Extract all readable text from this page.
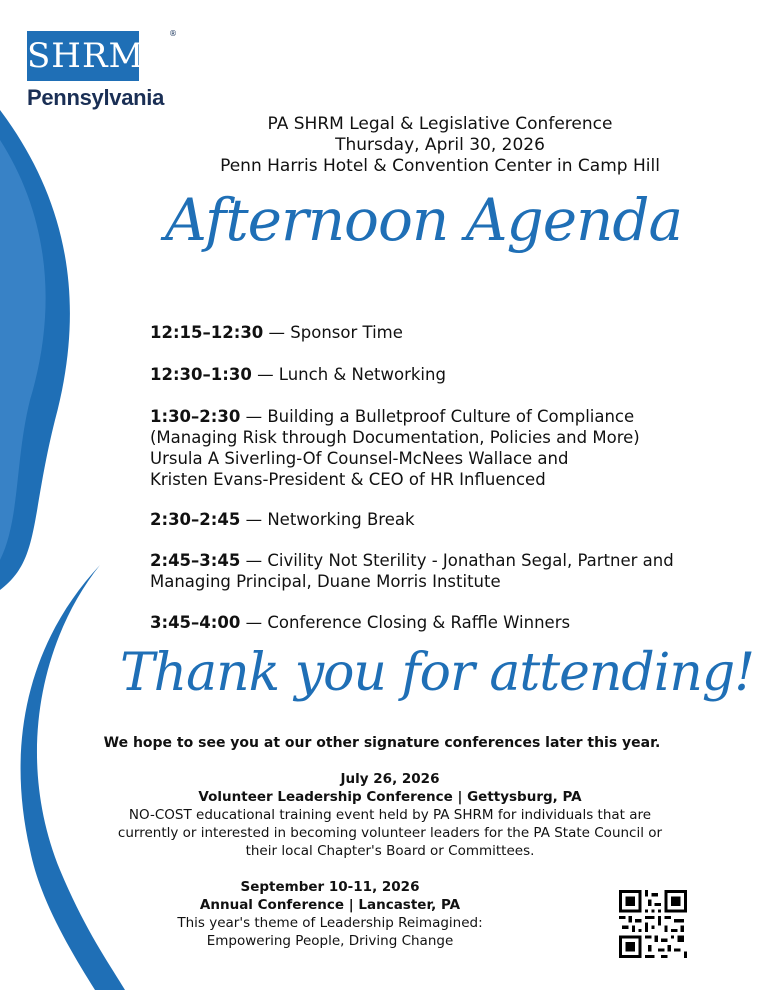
SHRM
®
Pennsylvania
PA SHRM Legal & Legislative Conference
Thursday, April 30, 2026
Penn Harris Hotel & Convention Center in Camp Hill
Afternoon Agenda
12:15–12:30 — Sponsor Time
12:30–1:30 — Lunch & Networking
1:30–2:30 — Building a Bulletproof Culture of Compliance
(Managing Risk through Documentation, Policies and More)
Ursula A Siverling-Of Counsel-McNees Wallace and
Kristen Evans-President & CEO of HR Influenced
2:30–2:45 — Networking Break
2:45–3:45 — Civility Not Sterility - Jonathan Segal, Partner and
Managing Principal, Duane Morris Institute
3:45–4:00 — Conference Closing & Raffle Winners
Thank you for attending!
We hope to see you at our other signature conferences later this year.
July 26, 2026
Volunteer Leadership Conference | Gettysburg, PA
NO-COST educational training event held by PA SHRM for individuals that are
currently or interested in becoming volunteer leaders for the PA State Council or
their local Chapter's Board or Committees.
September 10-11, 2026
Annual Conference | Lancaster, PA
This year's theme of Leadership Reimagined:
Empowering People, Driving Change
